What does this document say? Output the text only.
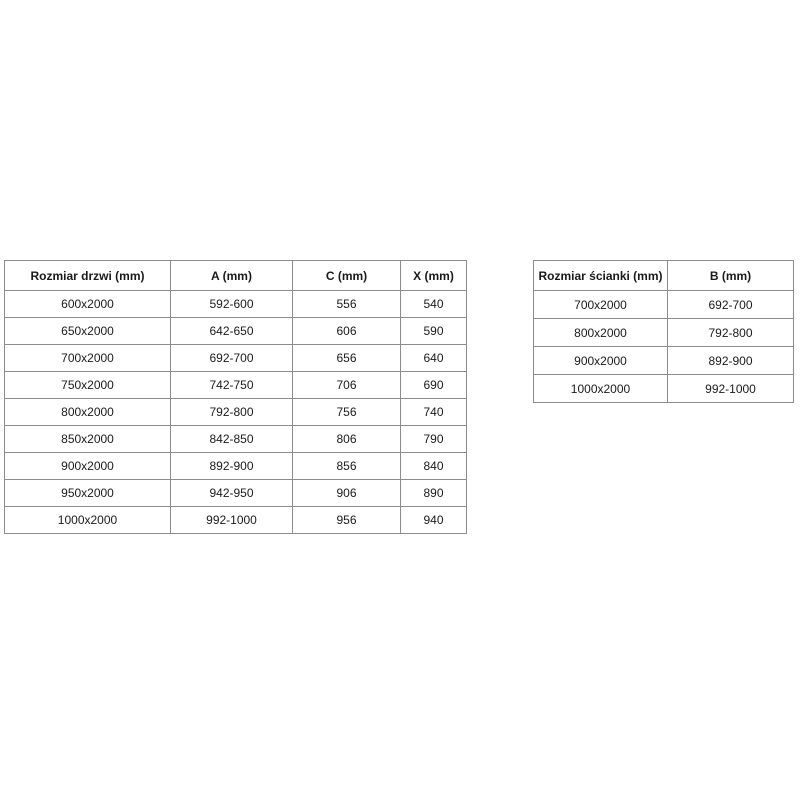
Rozmiar drzwi (mm)	A (mm)	C (mm)	X (mm)
600x2000	592-600	556	540
650x2000	642-650	606	590
700x2000	692-700	656	640
750x2000	742-750	706	690
800x2000	792-800	756	740
850x2000	842-850	806	790
900x2000	892-900	856	840
950x2000	942-950	906	890
1000x2000	992-1000	956	940
Rozmiar ścianki (mm)	B (mm)
700x2000	692-700
800x2000	792-800
900x2000	892-900
1000x2000	992-1000
